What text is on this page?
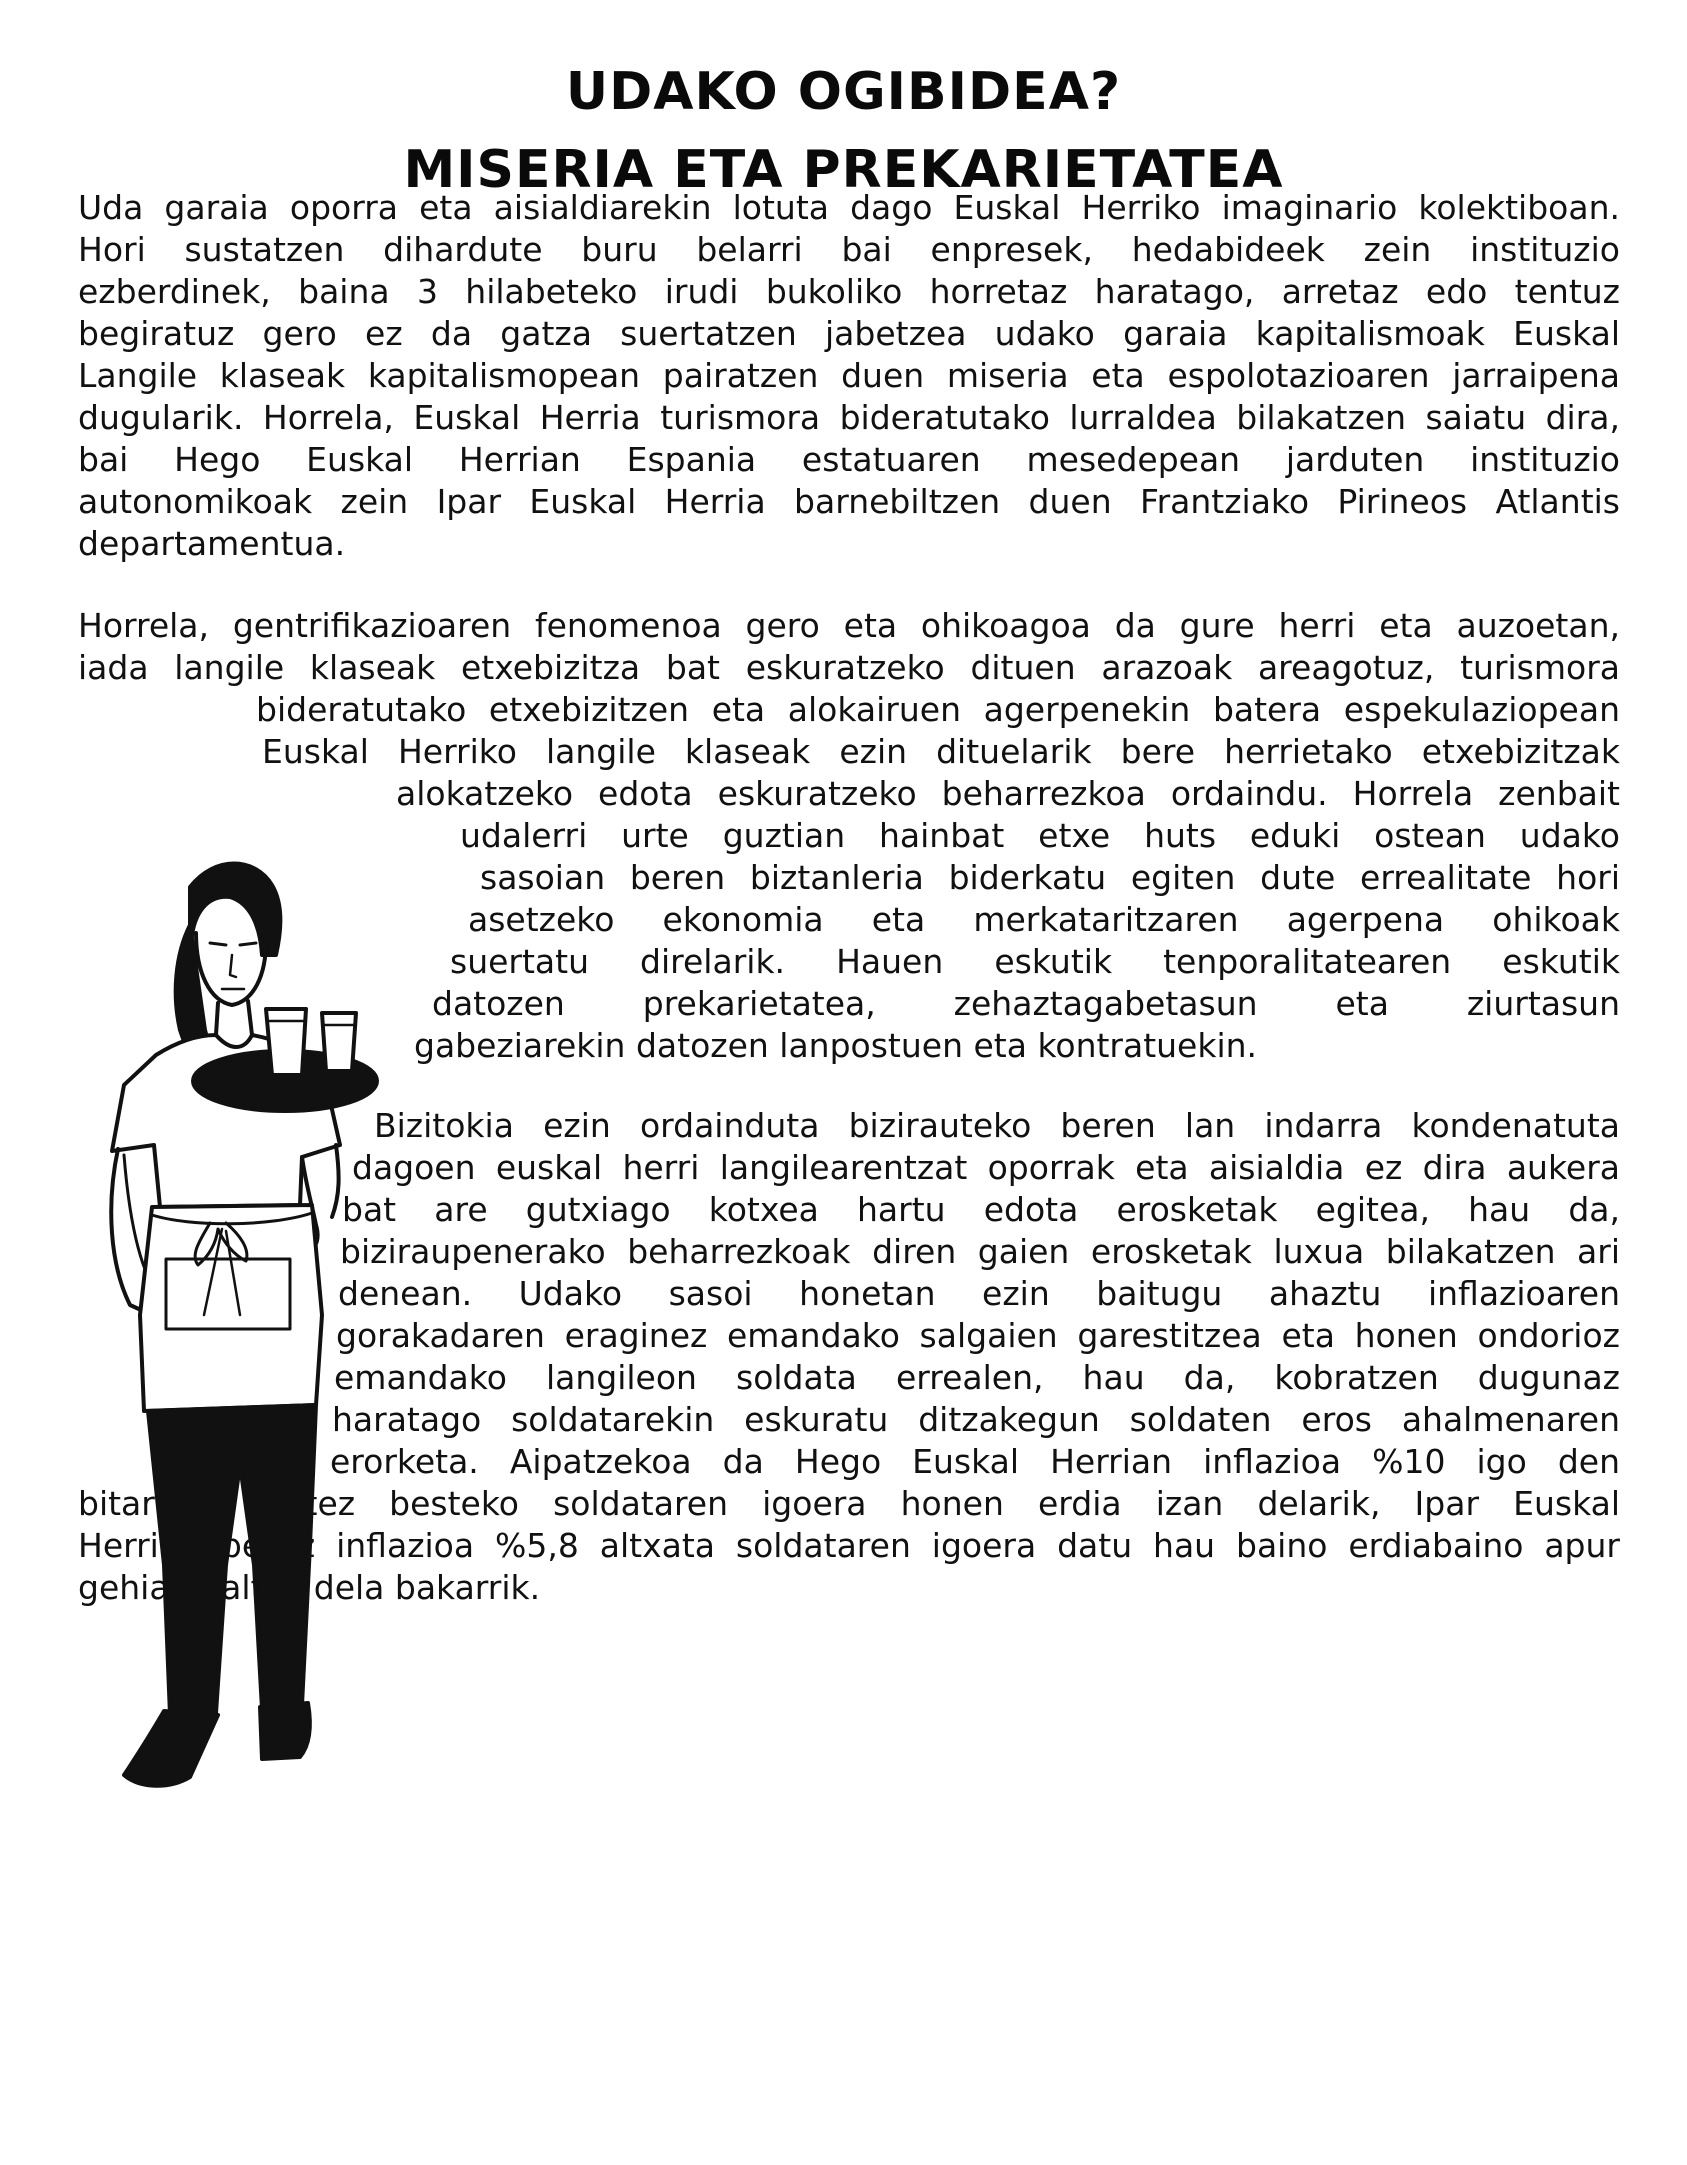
UDAKO OGIBIDEA?
MISERIA ETA PREKARIETATEA
Uda garaia oporra eta aisialdiarekin lotuta dago Euskal Herriko imaginario kolektiboan.
Hori sustatzen dihardute buru belarri bai enpresek, hedabideek zein instituzio
ezberdinek, baina 3 hilabeteko irudi bukoliko horretaz haratago, arretaz edo tentuz
begiratuz gero ez da gatza suertatzen jabetzea udako garaia kapitalismoak Euskal
Langile klaseak kapitalismopean pairatzen duen miseria eta espolotazioaren jarraipena
dugularik. Horrela, Euskal Herria turismora bideratutako lurraldea bilakatzen saiatu dira,
bai Hego Euskal Herrian Espania estatuaren mesedepean jarduten instituzio
autonomikoak zein Ipar Euskal Herria barnebiltzen duen Frantziako Pirineos Atlantis
departamentua.
Horrela, gentrifikazioaren fenomenoa gero eta ohikoagoa da gure herri eta auzoetan,
iada langile klaseak etxebizitza bat eskuratzeko dituen arazoak areagotuz, turismora
bideratutako etxebizitzen eta alokairuen agerpenekin batera espekulaziopean
Euskal Herriko langile klaseak ezin dituelarik bere herrietako etxebizitzak
alokatzeko edota eskuratzeko beharrezkoa ordaindu. Horrela zenbait
udalerri urte guztian hainbat etxe huts eduki ostean udako
sasoian beren biztanleria biderkatu egiten dute errealitate hori
asetzeko ekonomia eta merkataritzaren agerpena ohikoak
suertatu direlarik. Hauen eskutik tenporalitatearen eskutik
datozen prekarietatea, zehaztagabetasun eta ziurtasun
gabeziarekin datozen lanpostuen eta kontratuekin.
Bizitokia ezin ordainduta bizirauteko beren lan indarra kondenatuta
dagoen euskal herri langilearentzat oporrak eta aisialdia ez dira aukera
bat are gutxiago kotxea hartu edota erosketak egitea, hau da,
biziraupenerako beharrezkoak diren gaien erosketak luxua bilakatzen ari
denean. Udako sasoi honetan ezin baitugu ahaztu inflazioaren
gorakadaren eraginez emandako salgaien garestitzea eta honen ondorioz
emandako langileon soldata errealen, hau da, kobratzen dugunaz
haratago soldatarekin eskuratu ditzakegun soldaten eros ahalmenaren
erorketa. Aipatzekoa da Hego Euskal Herrian inflazioa %10 igo den
bitartean batez besteko soldataren igoera honen erdia izan delarik, Ipar Euskal
Herrian berriz inflazioa %5,8 altxata soldataren igoera datu hau baino erdiabaino apur
gehiago altxa dela bakarrik.
